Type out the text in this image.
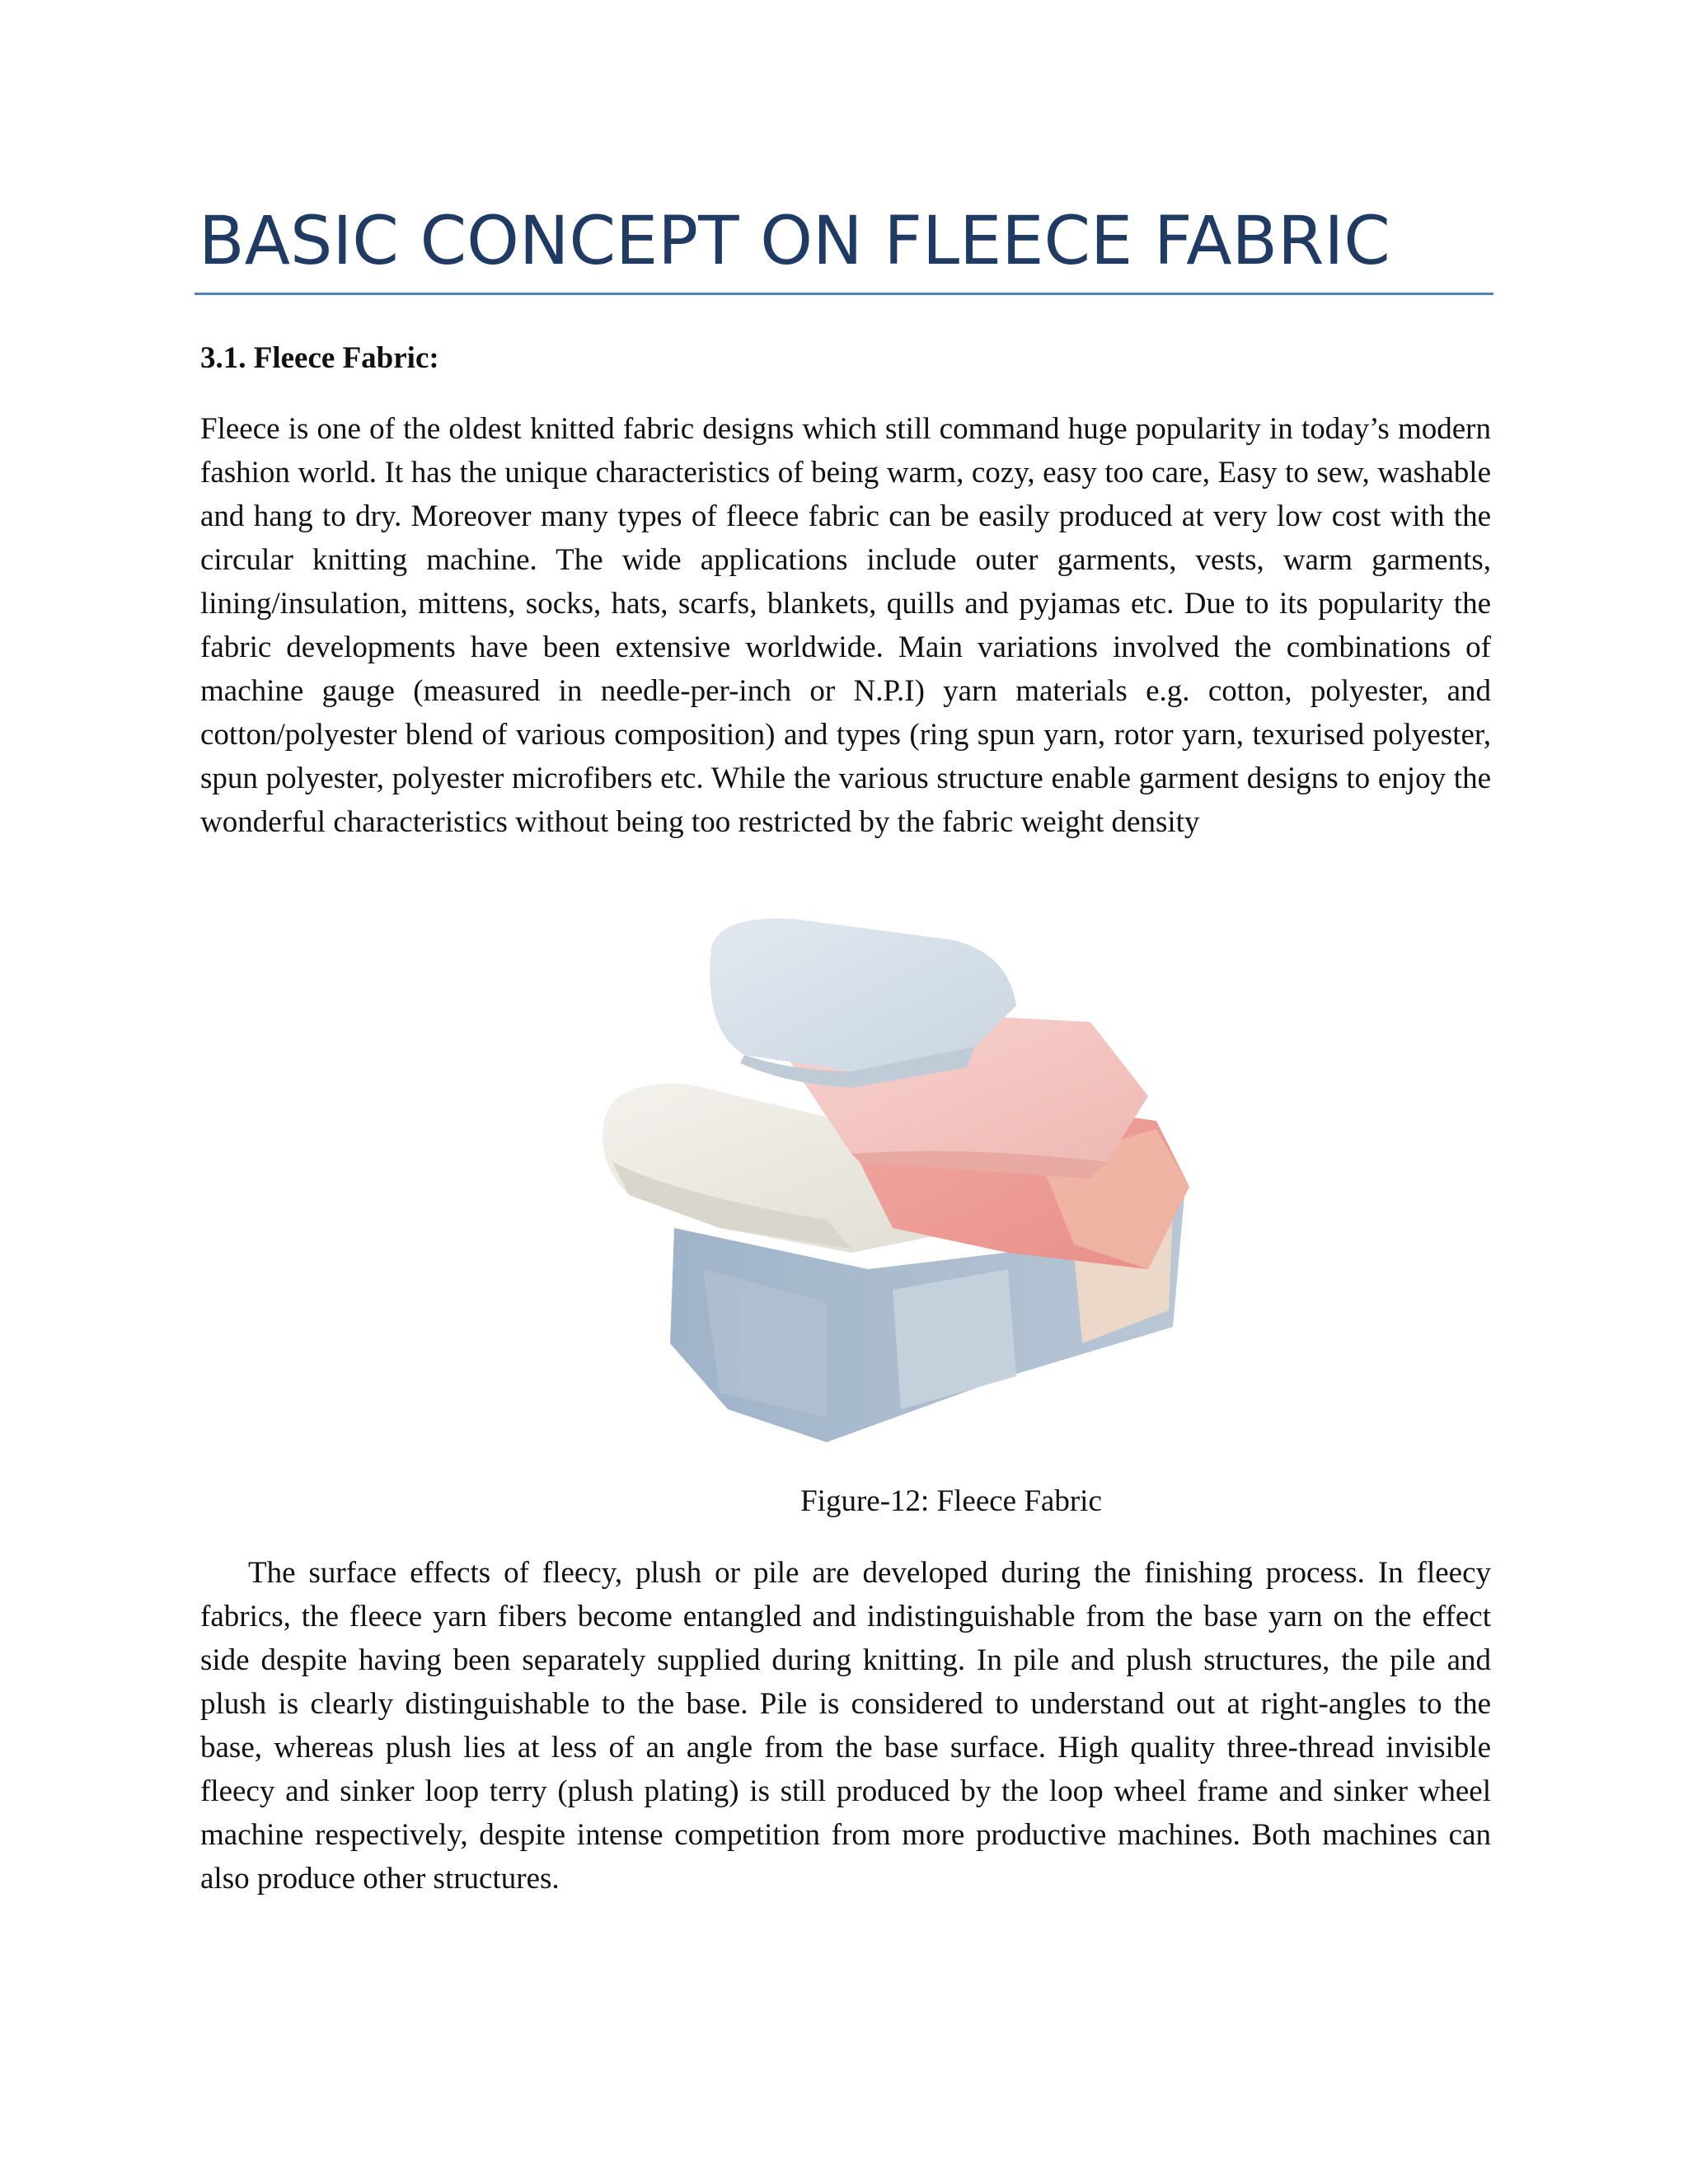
BASIC CONCEPT ON FLEECE FABRIC
3.1. Fleece Fabric:

Fleece is one of the oldest knitted fabric designs which still command huge popularity in today’s modern fashion world. It has the unique characteristics of being warm, cozy, easy too care, Easy to sew, washable and hang to dry. Moreover many types of fleece fabric can be easily produced at very low cost with the circular knitting machine. The wide applications include outer garments, vests, warm garments, lining/insulation, mittens, socks, hats, scarfs, blankets, quills and pyjamas etc. Due to its popularity the fabric developments have been extensive worldwide. Main variations involved the combinations of machine gauge (measured in needle-per-inch or N.P.I) yarn materials e.g. cotton, polyester, and cotton/polyester blend of various composition) and types (ring spun yarn, rotor yarn, texurised polyester, spun polyester, polyester microfibers etc. While the various structure enable garment designs to enjoy the wonderful characteristics without being too restricted by the fabric weight density

Figure-12: Fleece Fabric

The surface effects of fleecy, plush or pile are developed during the finishing process. In fleecy fabrics, the fleece yarn fibers become entangled and indistinguishable from the base yarn on the effect side despite having been separately supplied during knitting. In pile and plush structures, the pile and plush is clearly distinguishable to the base. Pile is considered to understand out at right-angles to the base, whereas plush lies at less of an angle from the base surface. High quality three-thread invisible fleecy and sinker loop terry (plush plating) is still produced by the loop wheel frame and sinker wheel machine respectively, despite intense competition from more productive machines. Both machines can also produce other structures.
